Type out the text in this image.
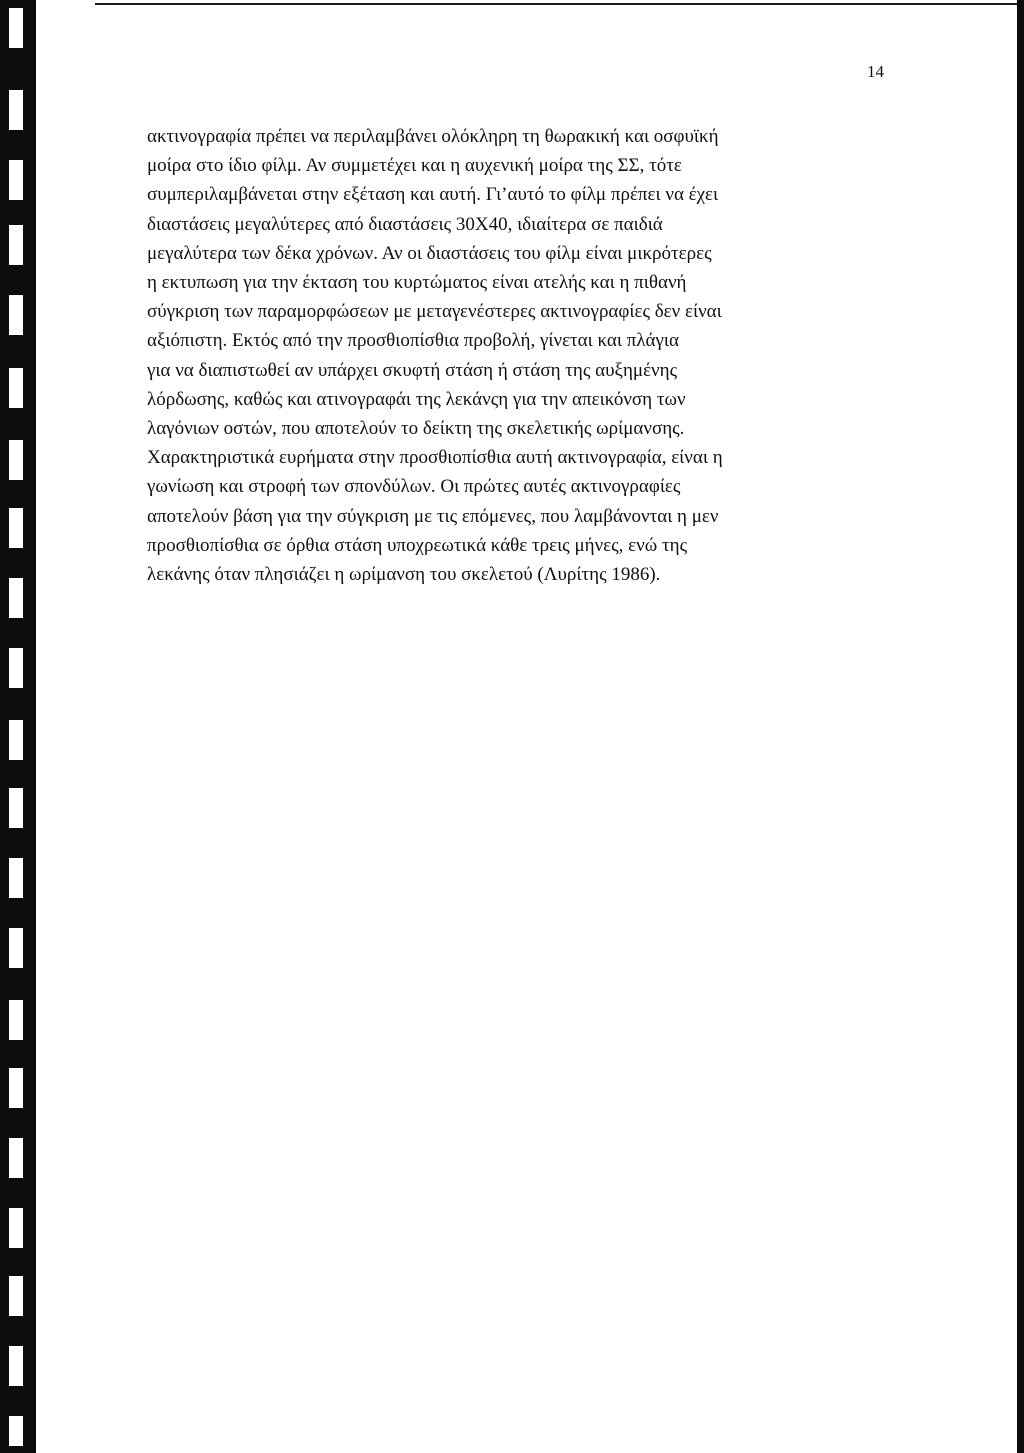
14
ακτινογραφία πρέπει να περιλαμβάνει ολόκληρη τη θωρακική και οσφυϊκή
μοίρα στο ίδιο φίλμ. Αν συμμετέχει και η αυχενική μοίρα της ΣΣ, τότε
συμπεριλαμβάνεται στην εξέταση και αυτή. Γι’αυτό το φίλμ πρέπει να έχει
διαστάσεις μεγαλύτερες από διαστάσεις 30Χ40, ιδιαίτερα σε παιδιά
μεγαλύτερα των δέκα χρόνων. Αν οι διαστάσεις του φίλμ είναι μικρότερες
η εκτυπωση για την έκταση του κυρτώματος είναι ατελής και η πιθανή
σύγκριση των παραμορφώσεων με μεταγενέστερες ακτινογραφίες δεν είναι
αξιόπιστη. Εκτός από την προσθιοπίσθια προβολή, γίνεται και πλάγια
για να διαπιστωθεί αν υπάρχει σκυφτή στάση ή στάση της αυξημένης
λόρδωσης, καθώς και ατινογραφάι της λεκάνςη για την απεικόνση των
λαγόνιων οστών, που αποτελούν το δείκτη της σκελετικής ωρίμανσης.
Χαρακτηριστικά ευρήματα στην προσθιοπίσθια αυτή ακτινογραφία, είναι η
γωνίωση και στροφή των σπονδύλων. Οι πρώτες αυτές ακτινογραφίες
αποτελούν βάση για την σύγκριση με τις επόμενες, που λαμβάνονται η μεν
προσθιοπίσθια σε όρθια στάση υποχρεωτικά κάθε τρεις μήνες, ενώ της
λεκάνης όταν πλησιάζει η ωρίμανση του σκελετού (Λυρίτης 1986).
